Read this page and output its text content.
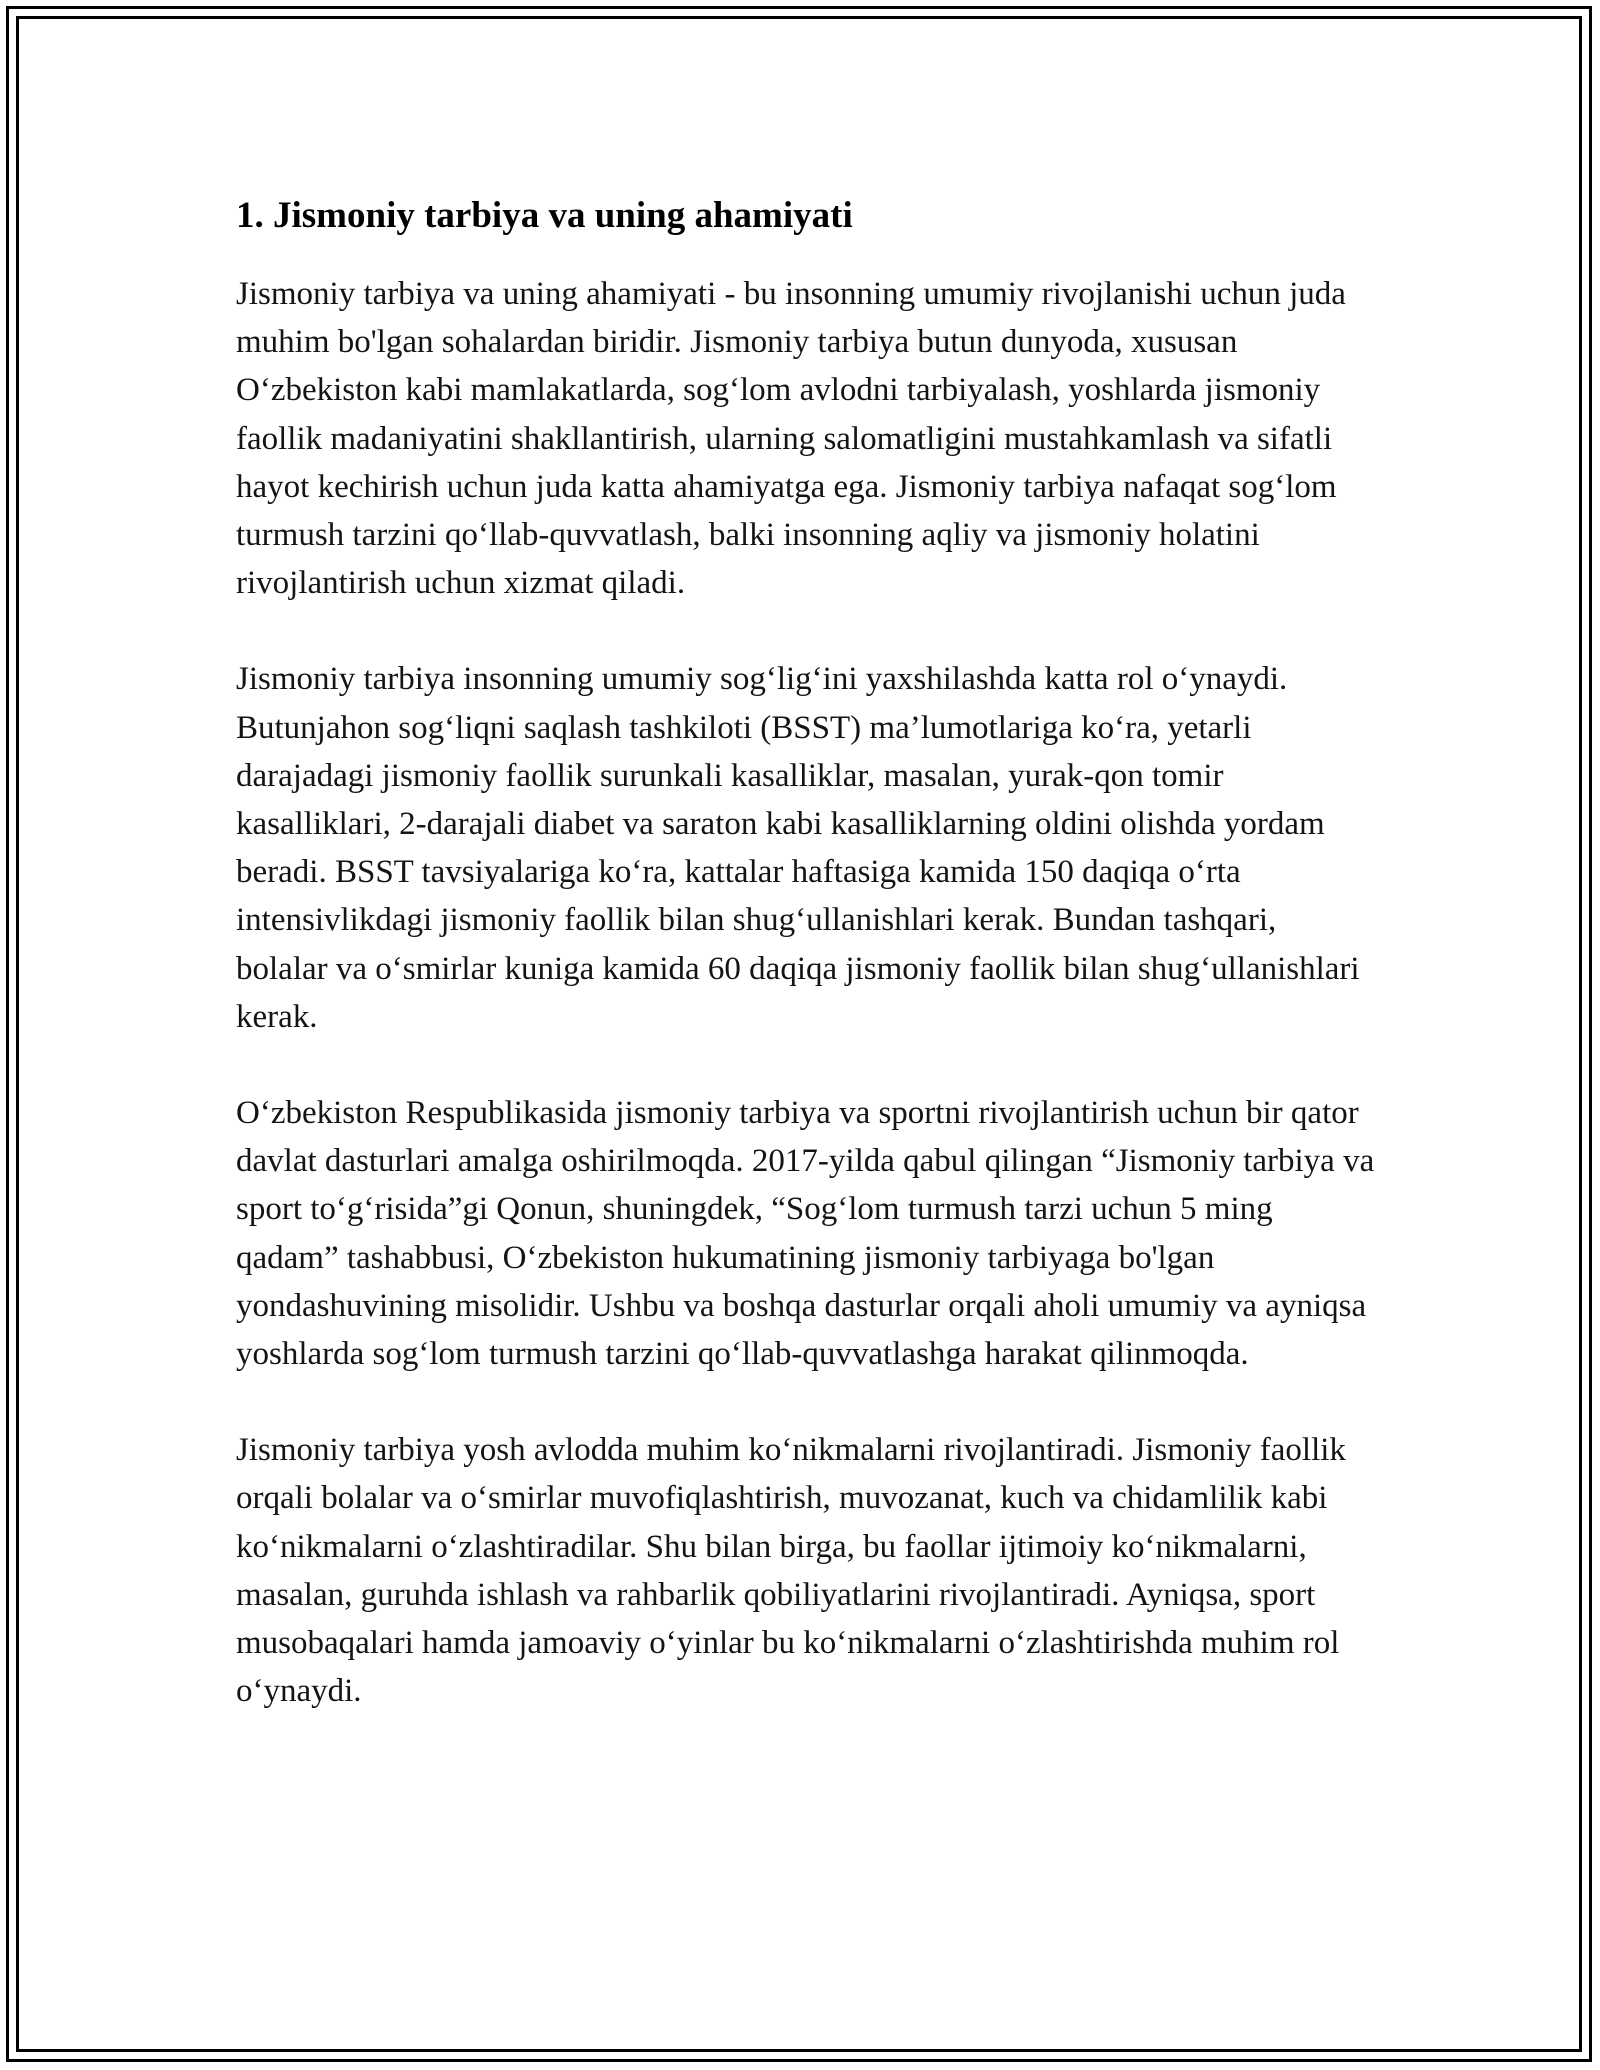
1. Jismoniy tarbiya va uning ahamiyati

Jismoniy tarbiya va uning ahamiyati - bu insonning umumiy rivojlanishi uchun juda muhim bo'lgan sohalardan biridir. Jismoniy tarbiya butun dunyoda, xususan O‘zbekiston kabi mamlakatlarda, sog‘lom avlodni tarbiyalash, yoshlarda jismoniy faollik madaniyatini shakllantirish, ularning salomatligini mustahkamlash va sifatli hayot kechirish uchun juda katta ahamiyatga ega. Jismoniy tarbiya nafaqat sog‘lom turmush tarzini qo‘llab-quvvatlash, balki insonning aqliy va jismoniy holatini rivojlantirish uchun xizmat qiladi.

Jismoniy tarbiya insonning umumiy sog‘lig‘ini yaxshilashda katta rol o‘ynaydi. Butunjahon sog‘liqni saqlash tashkiloti (BSST) ma’lumotlariga ko‘ra, yetarli darajadagi jismoniy faollik surunkali kasalliklar, masalan, yurak-qon tomir kasalliklari, 2-darajali diabet va saraton kabi kasalliklarning oldini olishda yordam beradi. BSST tavsiyalariga ko‘ra, kattalar haftasiga kamida 150 daqiqa o‘rta intensivlikdagi jismoniy faollik bilan shug‘ullanishlari kerak. Bundan tashqari, bolalar va o‘smirlar kuniga kamida 60 daqiqa jismoniy faollik bilan shug‘ullanishlari kerak.

O‘zbekiston Respublikasida jismoniy tarbiya va sportni rivojlantirish uchun bir qator davlat dasturlari amalga oshirilmoqda. 2017-yilda qabul qilingan “Jismoniy tarbiya va sport to‘g‘risida”gi Qonun, shuningdek, “Sog‘lom turmush tarzi uchun 5 ming qadam” tashabbusi, O‘zbekiston hukumatining jismoniy tarbiyaga bo'lgan yondashuvining misolidir. Ushbu va boshqa dasturlar orqali aholi umumiy va ayniqsa yoshlarda sog‘lom turmush tarzini qo‘llab-quvvatlashga harakat qilinmoqda.

Jismoniy tarbiya yosh avlodda muhim ko‘nikmalarni rivojlantiradi. Jismoniy faollik orqali bolalar va o‘smirlar muvofiqlashtirish, muvozanat, kuch va chidamlilik kabi ko‘nikmalarni o‘zlashtiradilar. Shu bilan birga, bu faollar ijtimoiy ko‘nikmalarni, masalan, guruhda ishlash va rahbarlik qobiliyatlarini rivojlantiradi. Ayniqsa, sport musobaqalari hamda jamoaviy o‘yinlar bu ko‘nikmalarni o‘zlashtirishda muhim rol o‘ynaydi.
